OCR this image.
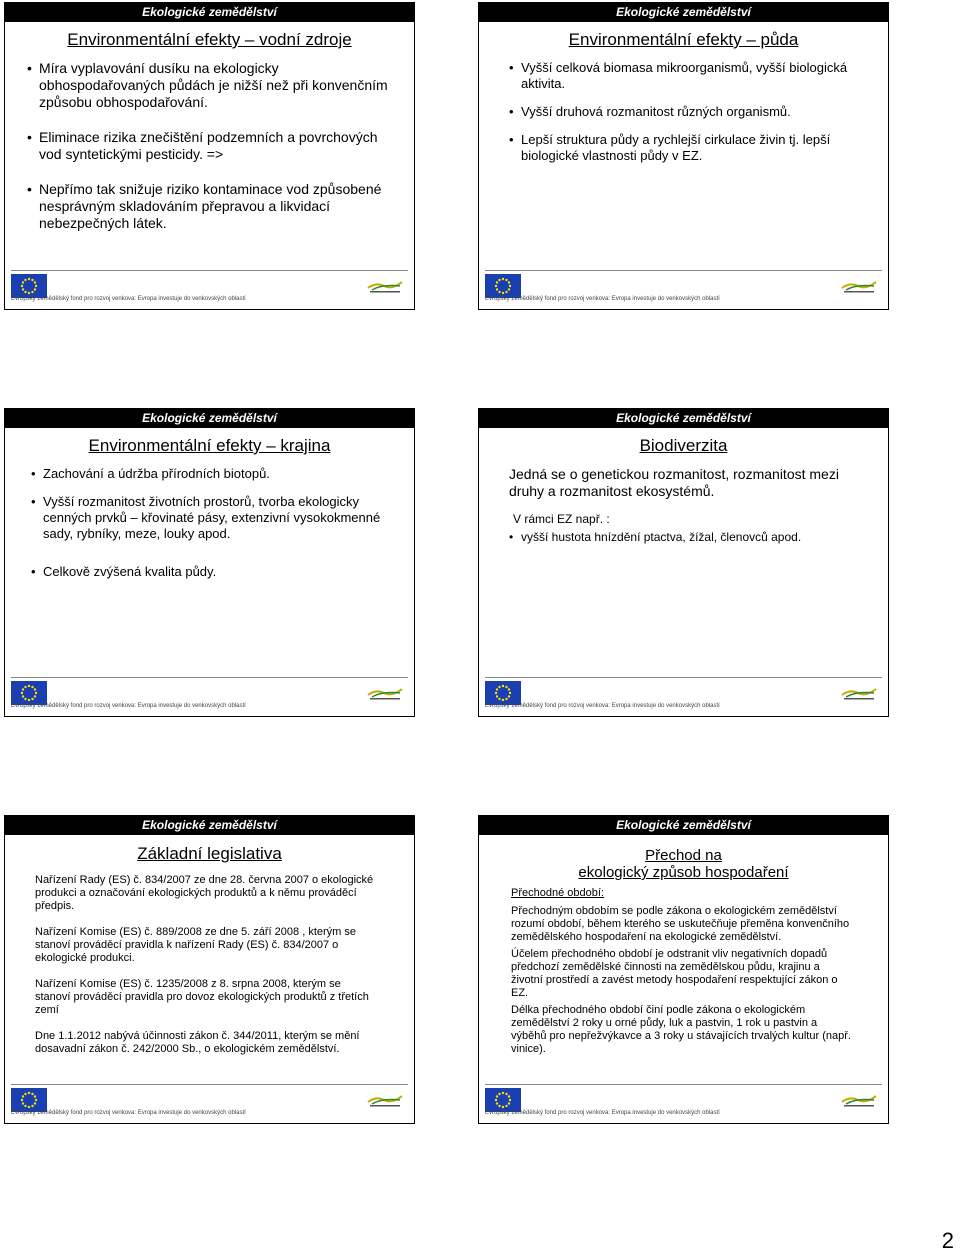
Ekologické zemědělství
Environmentální efekty – vodní zdroje
• Míra vyplavování dusíku na ekologicky obhospodařovaných půdách je nižší než při konvenčním způsobu obhospodařování.
• Eliminace rizika znečištění podzemních a povrchových vod syntetickými pesticidy. =>
• Nepřímo tak snižuje riziko kontaminace vod způsobené nesprávným skladováním přepravou a likvidací nebezpečných látek.
Evropský zemědělský fond pro rozvoj venkova: Evropa investuje do venkovských oblastí
Ekologické zemědělství
Environmentální efekty – půda
• Vyšší celková biomasa mikroorganismů, vyšší biologická aktivita.
• Vyšší druhová rozmanitost různých organismů.
• Lepší struktura půdy a rychlejší cirkulace živin tj. lepší biologické vlastnosti půdy v EZ.
Evropský zemědělský fond pro rozvoj venkova: Evropa investuje do venkovských oblastí
Ekologické zemědělství
Environmentální efekty – krajina
• Zachování a údržba přírodních biotopů.
• Vyšší rozmanitost životních prostorů, tvorba ekologicky cenných prvků – křovinaté pásy, extenzivní vysokokmenné sady, rybníky, meze, louky apod.
• Celkově zvýšená kvalita půdy.
Evropský zemědělský fond pro rozvoj venkova: Evropa investuje do venkovských oblastí
Ekologické zemědělství
Biodiverzita
Jedná se o genetickou rozmanitost, rozmanitost mezi druhy a rozmanitost ekosystémů.
V rámci EZ např. :
• vyšší hustota hnízdění ptactva, žížal, členovců apod.
Evropský zemědělský fond pro rozvoj venkova: Evropa investuje do venkovských oblastí
Ekologické zemědělství
Základní legislativa

Nařízení Rady (ES) č. 834/2007 ze dne 28. června 2007 o ekologické produkci a označování ekologických produktů a k němu prováděcí předpis.

Nařízení Komise (ES) č. 889/2008 ze dne 5. září 2008 , kterým se stanoví prováděcí pravidla k nařízení Rady (ES) č. 834/2007 o ekologické produkci.

Nařízení Komise (ES) č. 1235/2008 z 8. srpna 2008, kterým se stanoví prováděcí pravidla pro dovoz ekologických produktů z třetích zemí

Dne 1.1.2012 nabývá účinnosti zákon č. 344/2011, kterým se mění dosavadní zákon č. 242/2000 Sb., o ekologickém zemědělství.

Evropský zemědělský fond pro rozvoj venkova: Evropa investuje do venkovských oblastí
Ekologické zemědělství
Přechod na
ekologický způsob hospodaření
Přechodné období:

Přechodným obdobím se podle zákona o ekologickém zemědělství rozumí období, během kterého se uskutečňuje přeměna konvenčního zemědělského hospodaření na ekologické zemědělství.

Účelem přechodného období je odstranit vliv negativních dopadů předchozí zemědělské činnosti na zemědělskou půdu, krajinu a životní prostředí a zavést metody hospodaření respektující zákon o EZ.

Délka přechodného období činí podle zákona o ekologickém zemědělství 2 roky u orné půdy, luk a pastvin, 1 rok u pastvin a výběhů pro nepřežvýkavce a 3 roky u stávajících trvalých kultur (např. vinice).

Evropský zemědělský fond pro rozvoj venkova: Evropa investuje do venkovských oblastí
2
